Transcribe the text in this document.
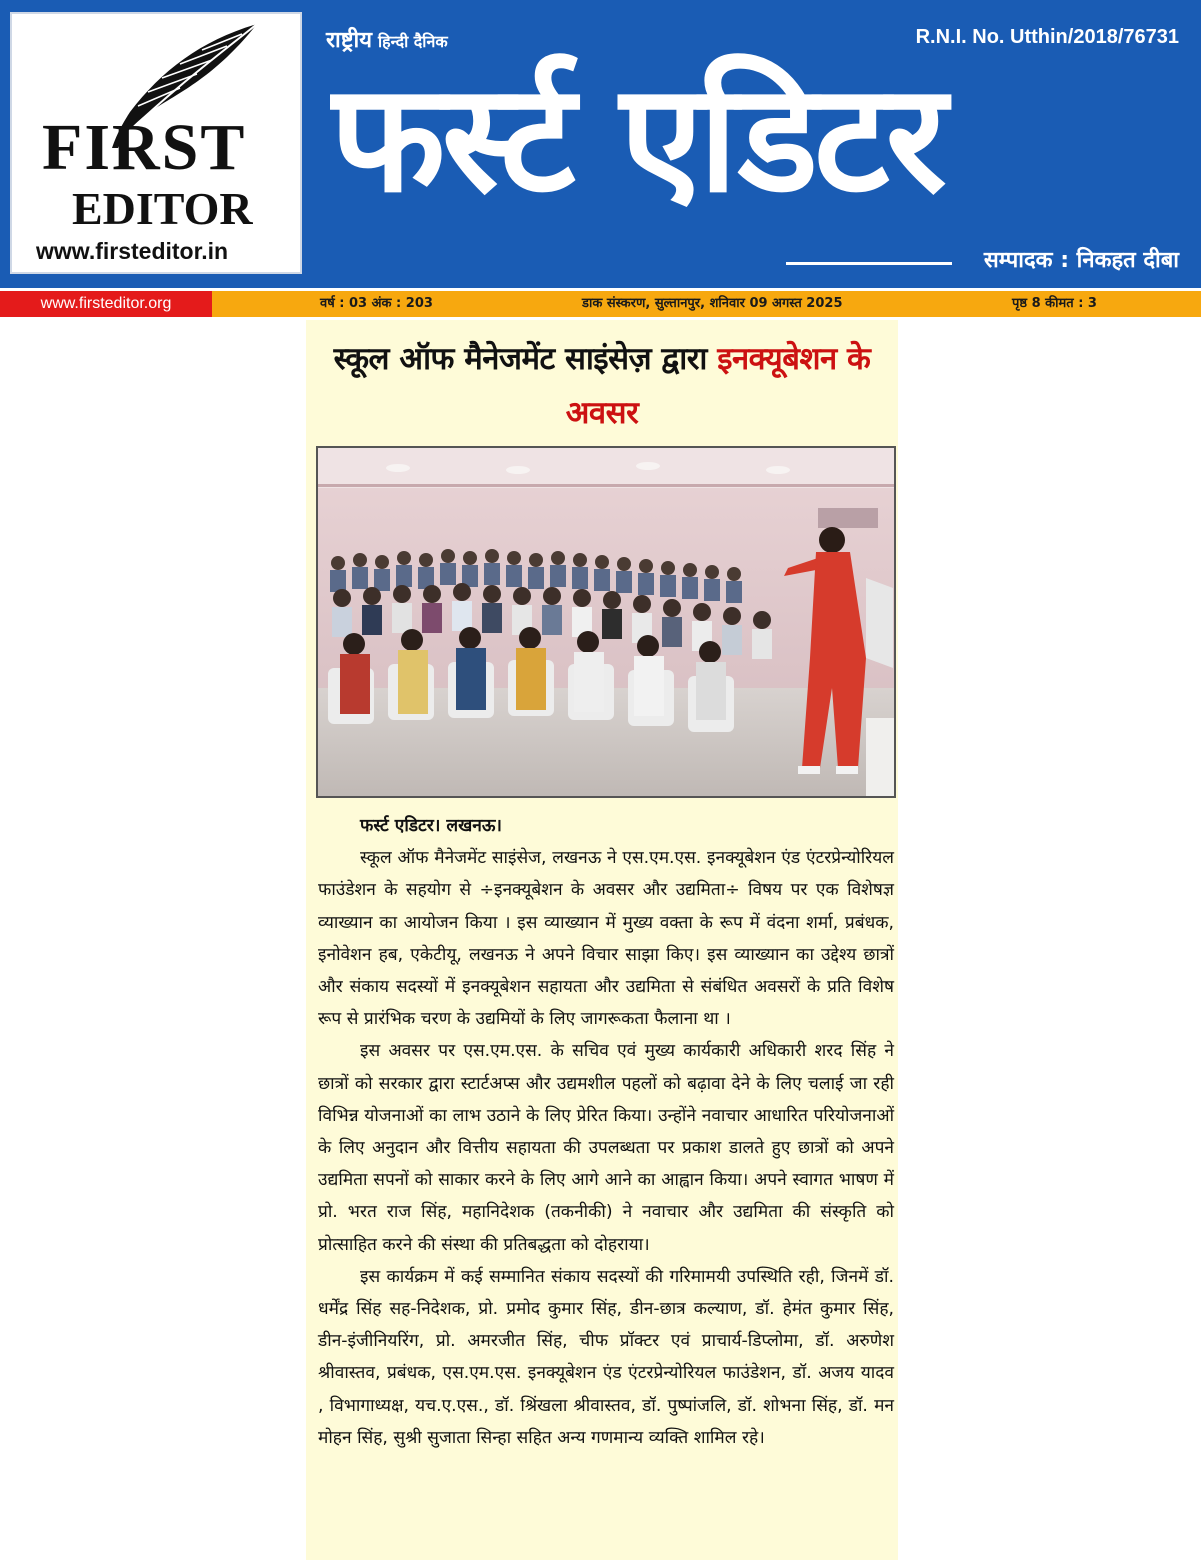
FIRST
EDITOR
www.firsteditor.in
राष्ट्रीय हिन्दी दैनिक	R.N.I. No. Utthin/2018/76731
फर्स्ट एडिटर
सम्पादक : निकहत दीबा
www.firsteditor.org	वर्ष : 03 अंक : 203	डाक संस्करण, सुल्तानपुर, शनिवार 09 अगस्त 2025	पृष्ठ 8 कीमत : 3
स्कूल ऑफ मैनेजमेंट साइंसेज़ द्वारा इनक्यूबेशन के अवसर

फर्स्ट एडिटर। लखनऊ।

स्कूल ऑफ मैनेजमेंट साइंसेज, लखनऊ ने एस.एम.एस. इनक्यूबेशन एंड एंटरप्रेन्योरियल फाउंडेशन के सहयोग से ÷इनक्यूबेशन के अवसर और उद्यमिता÷ विषय पर एक विशेषज्ञ व्याख्यान का आयोजन किया । इस व्याख्यान में मुख्य वक्ता के रूप में वंदना शर्मा, प्रबंधक, इनोवेशन हब, एकेटीयू, लखनऊ ने अपने विचार साझा किए। इस व्याख्यान का उद्देश्य छात्रों और संकाय सदस्यों में इनक्यूबेशन सहायता और उद्यमिता से संबंधित अवसरों के प्रति विशेष रूप से प्रारंभिक चरण के उद्यमियों के लिए जागरूकता फैलाना था ।

इस अवसर पर एस.एम.एस. के सचिव एवं मुख्य कार्यकारी अधिकारी शरद सिंह ने छात्रों को सरकार द्वारा स्टार्टअप्स और उद्यमशील पहलों को बढ़ावा देने के लिए चलाई जा रही विभिन्न योजनाओं का लाभ उठाने के लिए प्रेरित किया। उन्होंने नवाचार आधारित परियोजनाओं के लिए अनुदान और वित्तीय सहायता की उपलब्धता पर प्रकाश डालते हुए छात्रों को अपने उद्यमिता सपनों को साकार करने के लिए आगे आने का आह्वान किया। अपने स्वागत भाषण में प्रो. भरत राज सिंह, महानिदेशक (तकनीकी) ने नवाचार और उद्यमिता की संस्कृति को प्रोत्साहित करने की संस्था की प्रतिबद्धता को दोहराया।

इस कार्यक्रम में कई सम्मानित संकाय सदस्यों की गरिमामयी उपस्थिति रही, जिनमें डॉ. धर्मेंद्र सिंह सह-निदेशक, प्रो. प्रमोद कुमार सिंह, डीन-छात्र कल्याण, डॉ. हेमंत कुमार सिंह, डीन-इंजीनियरिंग, प्रो. अमरजीत सिंह, चीफ प्रॉक्टर एवं प्राचार्य-डिप्लोमा, डॉ. अरुणेश श्रीवास्तव, प्रबंधक, एस.एम.एस. इनक्यूबेशन एंड एंटरप्रेन्योरियल फाउंडेशन, डॉ. अजय यादव , विभागाध्यक्ष, यच.ए.एस., डॉ. श्रिंखला श्रीवास्तव, डॉ. पुष्पांजलि, डॉ. शोभना सिंह, डॉ. मन मोहन सिंह, सुश्री सुजाता सिन्हा सहित अन्य गणमान्य व्यक्ति शामिल रहे।
